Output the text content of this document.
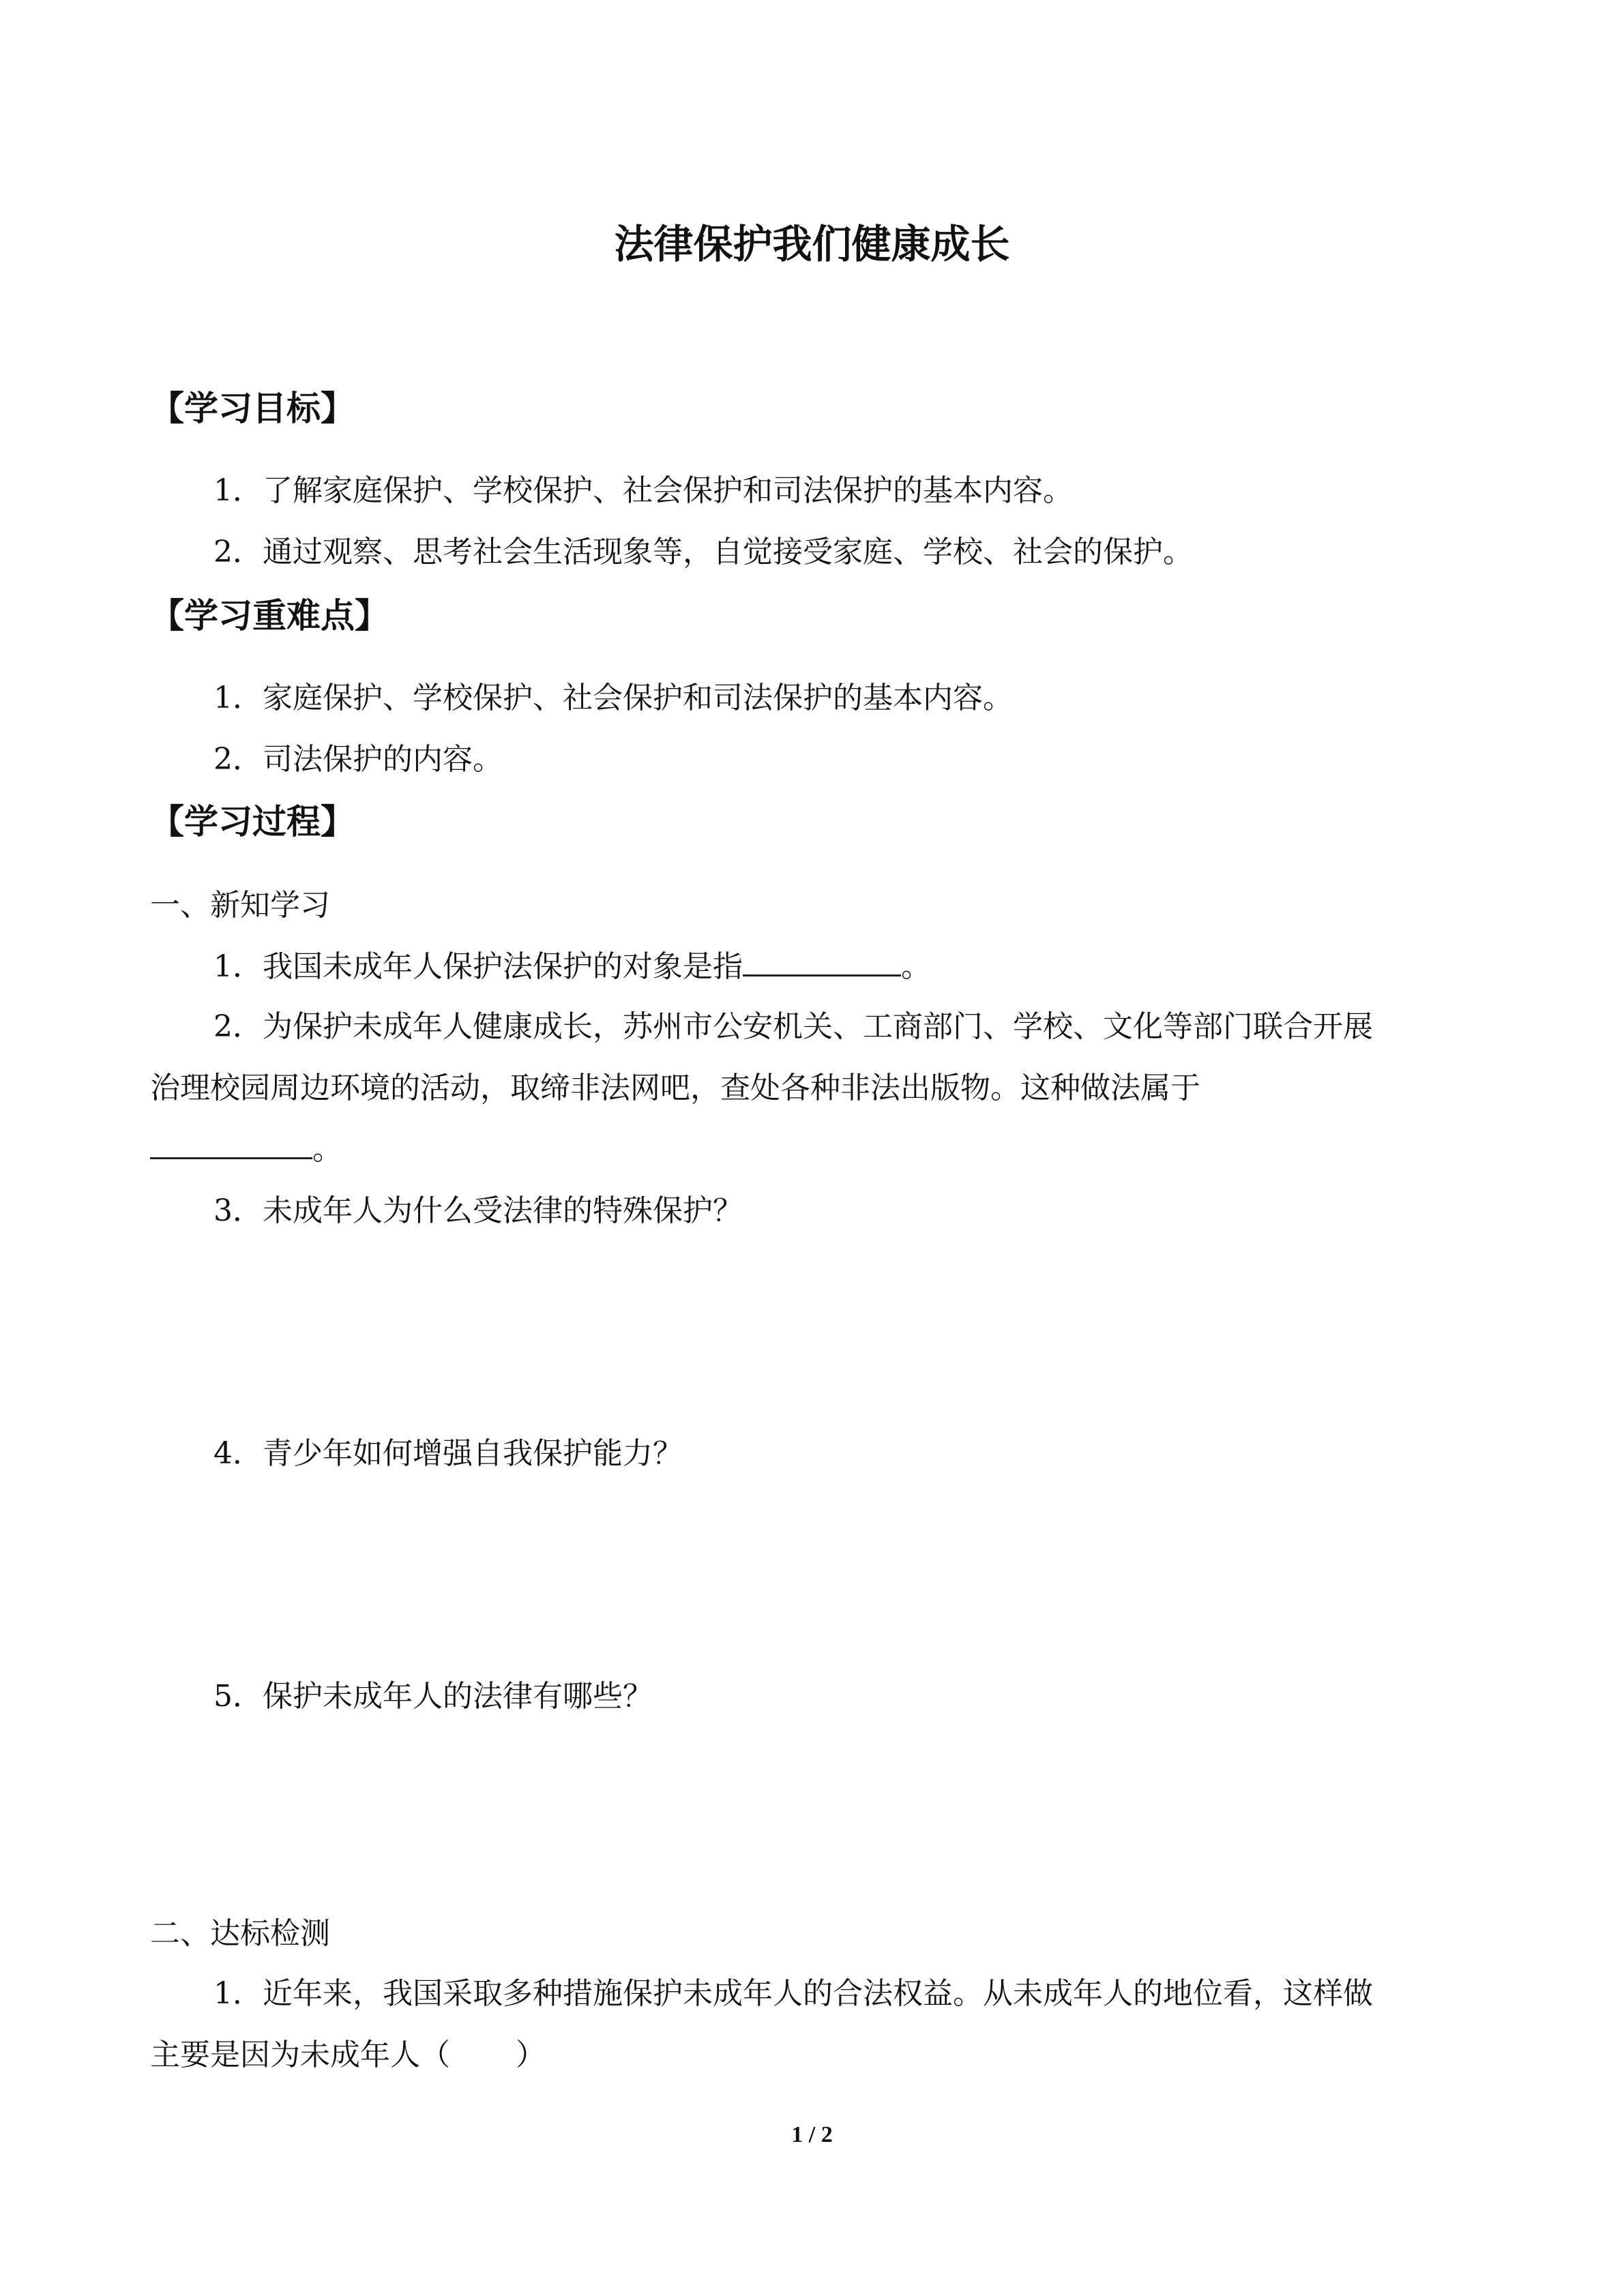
法律保护我们健康成长
【学习目标】

1．了解家庭保护、学校保护、社会保护和司法保护的基本内容。

2．通过观察、思考社会生活现象等，自觉接受家庭、学校、社会的保护。

【学习重难点】

1．家庭保护、学校保护、社会保护和司法保护的基本内容。

2．司法保护的内容。

【学习过程】

一、新知学习

1．我国未成年人保护法保护的对象是指	。

2．为保护未成年人健康成长，苏州市公安机关、工商部门、学校、文化等部门联合开展

治理校园周边环境的活动，取缔非法网吧，查处各种非法出版物。这种做法属于

。

3．未成年人为什么受法律的特殊保护？

4．青少年如何增强自我保护能力？

5．保护未成年人的法律有哪些？

二、达标检测

1．近年来，我国采取多种措施保护未成年人的合法权益。从未成年人的地位看，这样做

主要是因为未成年人（ ）

1 / 2
